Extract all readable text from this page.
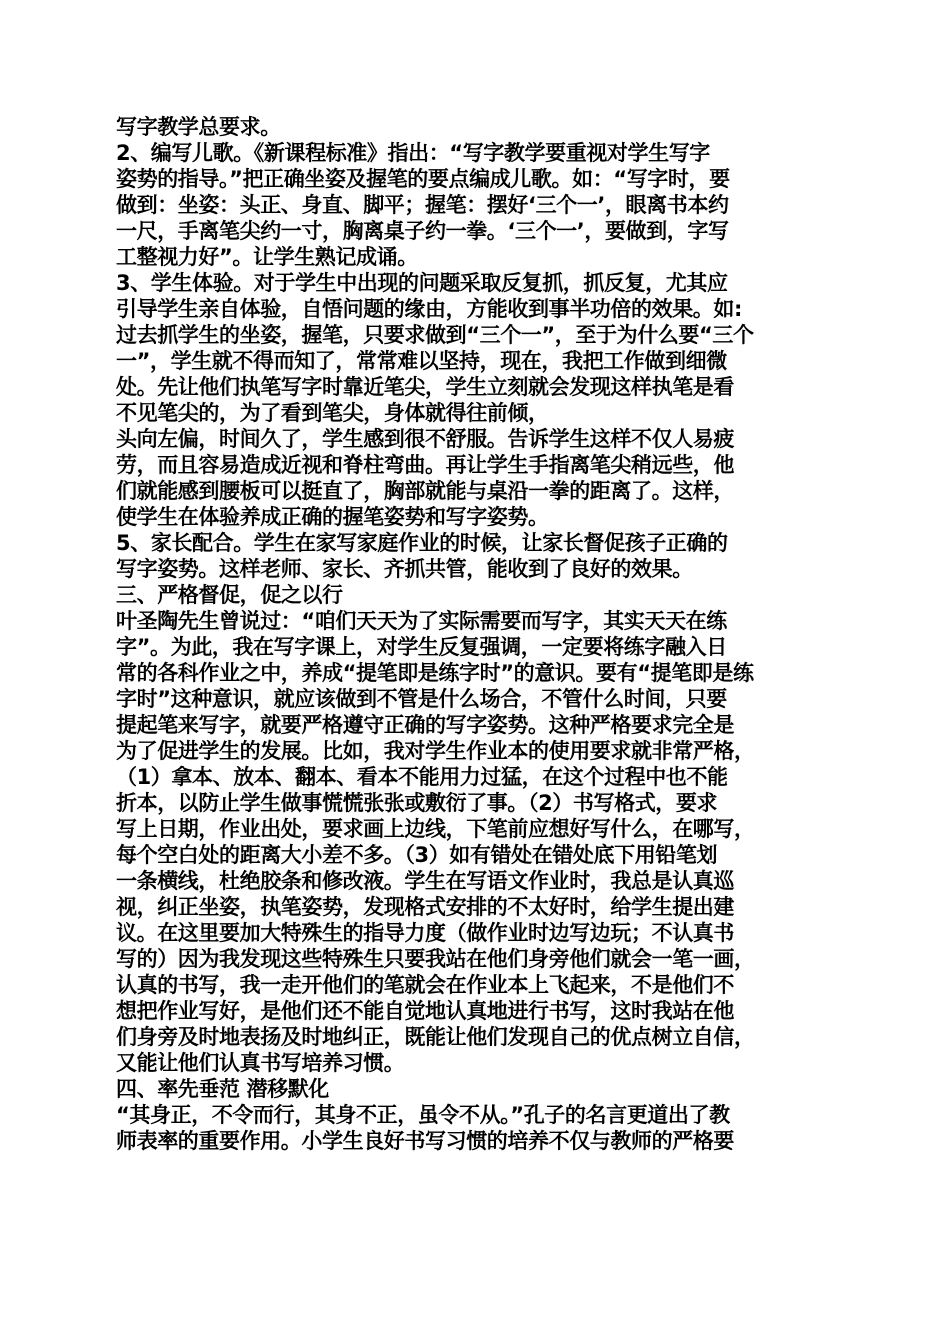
写字教学总要求。
2、编写儿歌。《新课程标准》指出：“写字教学要重视对学生写字
姿势的指导。”把正确坐姿及握笔的要点编成儿歌。如：“写字时，要
做到：坐姿：头正、身直、脚平；握笔：摆好‘三个一’，眼离书本约
一尺，手离笔尖约一寸，胸离桌子约一拳。‘三个一’，要做到，字写
工整视力好”。让学生熟记成诵。
3、学生体验。对于学生中出现的问题采取反复抓，抓反复，尤其应
引导学生亲自体验，自悟问题的缘由，方能收到事半功倍的效果。如:
过去抓学生的坐姿，握笔，只要求做到“三个一”，至于为什么要“三个
一”，学生就不得而知了，常常难以坚持，现在，我把工作做到细微
处。先让他们执笔写字时靠近笔尖，学生立刻就会发现这样执笔是看
不见笔尖的，为了看到笔尖，身体就得往前倾，
头向左偏，时间久了，学生感到很不舒服。告诉学生这样不仅人易疲
劳，而且容易造成近视和脊柱弯曲。再让学生手指离笔尖稍远些，他
们就能感到腰板可以挺直了，胸部就能与桌沿一拳的距离了。这样，
使学生在体验养成正确的握笔姿势和写字姿势。
5、家长配合。学生在家写家庭作业的时候，让家长督促孩子正确的
写字姿势。这样老师、家长、齐抓共管，能收到了良好的效果。
三、严格督促，促之以行
叶圣陶先生曾说过：“咱们天天为了实际需要而写字，其实天天在练
字”。为此，我在写字课上，对学生反复强调，一定要将练字融入日
常的各科作业之中，养成“提笔即是练字时”的意识。要有“提笔即是练
字时”这种意识，就应该做到不管是什么场合，不管什么时间，只要
提起笔来写字，就要严格遵守正确的写字姿势。这种严格要求完全是
为了促进学生的发展。比如，我对学生作业本的使用要求就非常严格，
（1）拿本、放本、翻本、看本不能用力过猛，在这个过程中也不能
折本，以防止学生做事慌慌张张或敷衍了事。（2）书写格式，要求
写上日期，作业出处，要求画上边线，下笔前应想好写什么，在哪写，
每个空白处的距离大小差不多。（3）如有错处在错处底下用铅笔划
一条横线，杜绝胶条和修改液。学生在写语文作业时，我总是认真巡
视，纠正坐姿，执笔姿势，发现格式安排的不太好时，给学生提出建
议。在这里要加大特殊生的指导力度（做作业时边写边玩；不认真书
写的）因为我发现这些特殊生只要我站在他们身旁他们就会一笔一画，
认真的书写，我一走开他们的笔就会在作业本上飞起来，不是他们不
想把作业写好，是他们还不能自觉地认真地进行书写，这时我站在他
们身旁及时地表扬及时地纠正，既能让他们发现自己的优点树立自信，
又能让他们认真书写培养习惯。
四、率先垂范 潜移默化
“其身正，不令而行，其身不正，虽令不从。”孔子的名言更道出了教
师表率的重要作用。小学生良好书写习惯的培养不仅与教师的严格要
